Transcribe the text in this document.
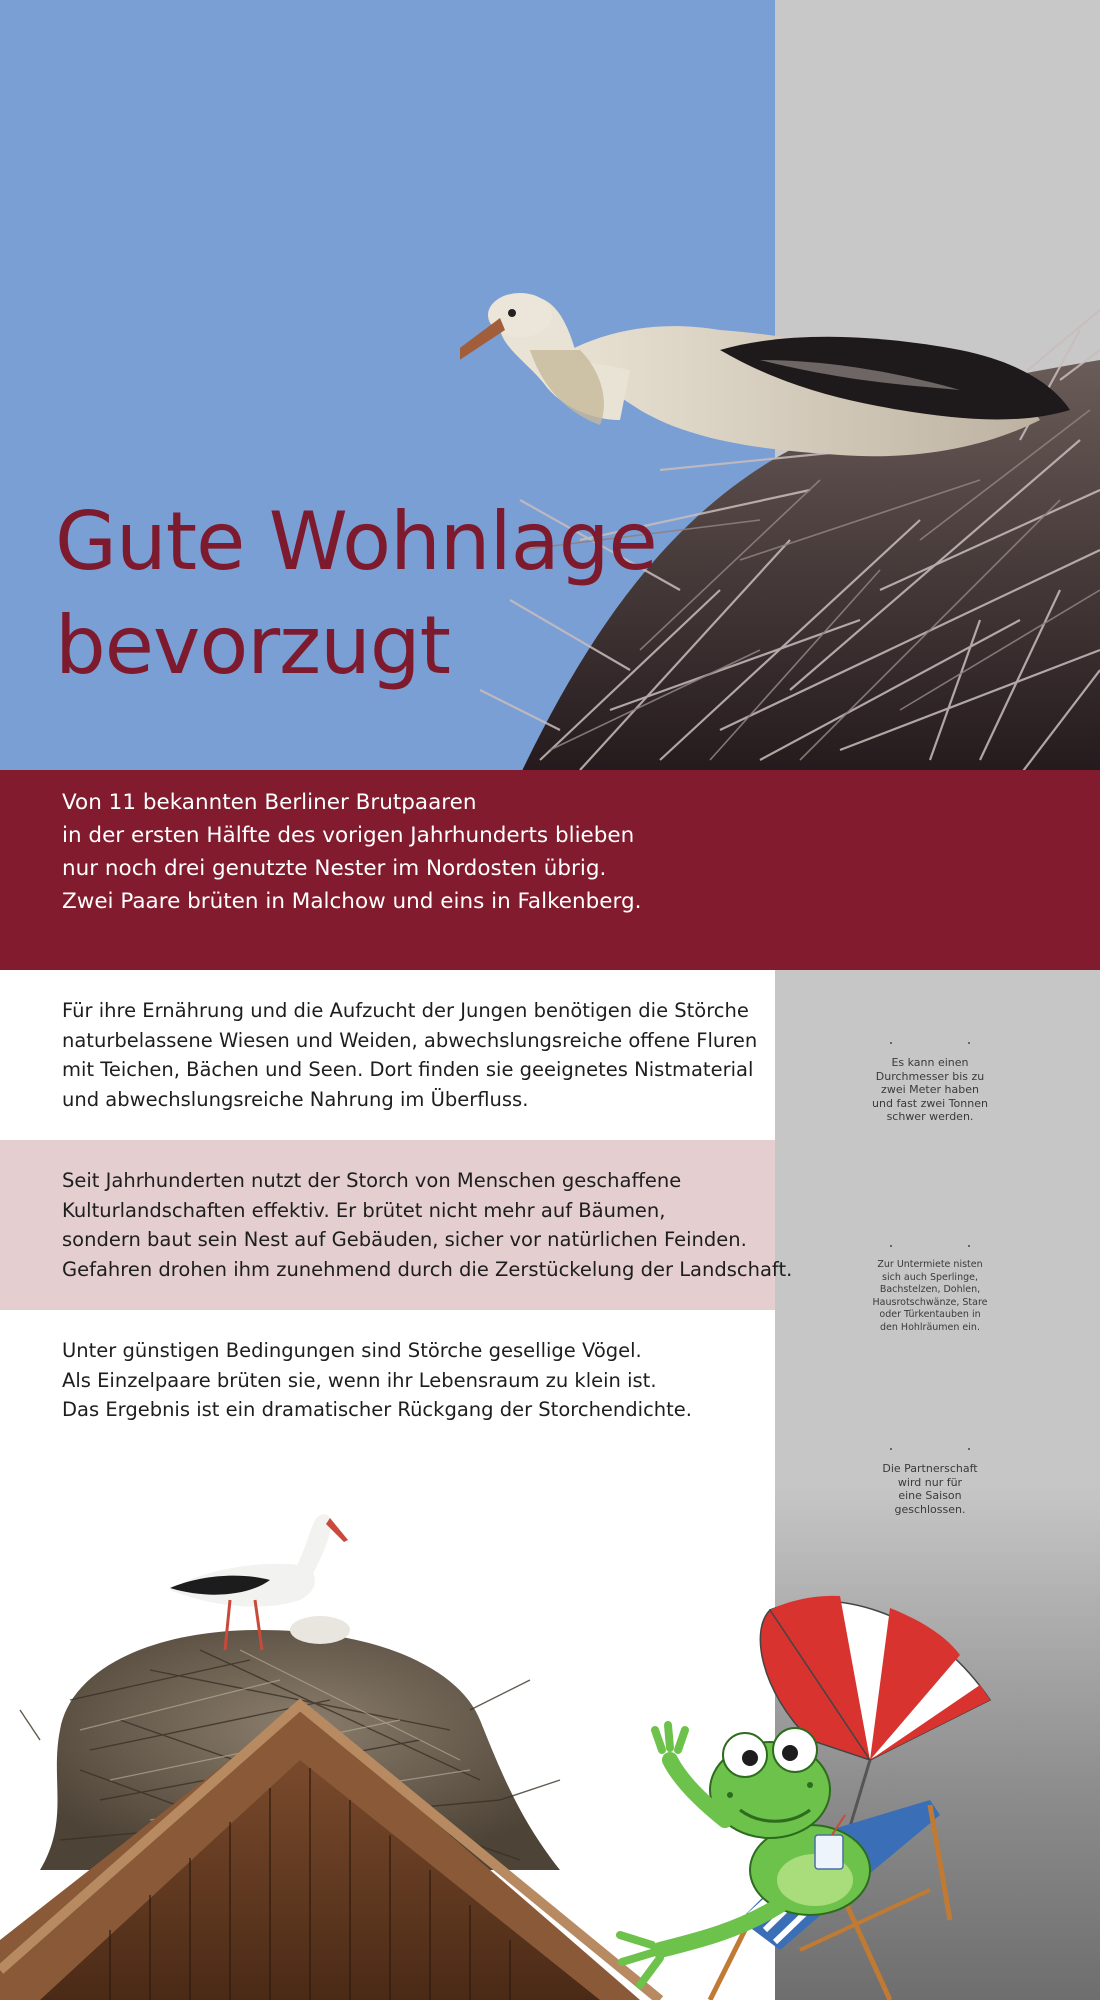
Gute Wohnlage
bevorzugt
Von 11 bekannten Berliner Brutpaaren
in der ersten Hälfte des vorigen Jahrhunderts blieben
nur noch drei genutzte Nester im Nordosten übrig.
Zwei Paare brüten in Malchow und eins in Falkenberg.
Für ihre Ernährung und die Aufzucht der Jungen benötigen die Störche
naturbelassene Wiesen und Weiden, abwechslungsreiche offene Fluren
mit Teichen, Bächen und Seen. Dort finden sie geeignetes Nistmaterial
und abwechslungsreiche Nahrung im Überfluss.
Seit Jahrhunderten nutzt der Storch von Menschen geschaffene
Kulturlandschaften effektiv. Er brütet nicht mehr auf Bäumen,
sondern baut sein Nest auf Gebäuden, sicher vor natürlichen Feinden.
Gefahren drohen ihm zunehmend durch die Zerstückelung der Landschaft.
Unter günstigen Bedingungen sind Störche gesellige Vögel.
Als Einzelpaare brüten sie, wenn ihr Lebensraum zu klein ist.
Das Ergebnis ist ein dramatischer Rückgang der Storchendichte.
Es kann einen
Durchmesser bis zu
zwei Meter haben
und fast zwei Tonnen
schwer werden.
Zur Untermiete nisten
sich auch Sperlinge,
Bachstelzen, Dohlen,
Hausrotschwänze, Stare
oder Türkentauben in
den Hohlräumen ein.
Die Partnerschaft
wird nur für
eine Saison
geschlossen.
